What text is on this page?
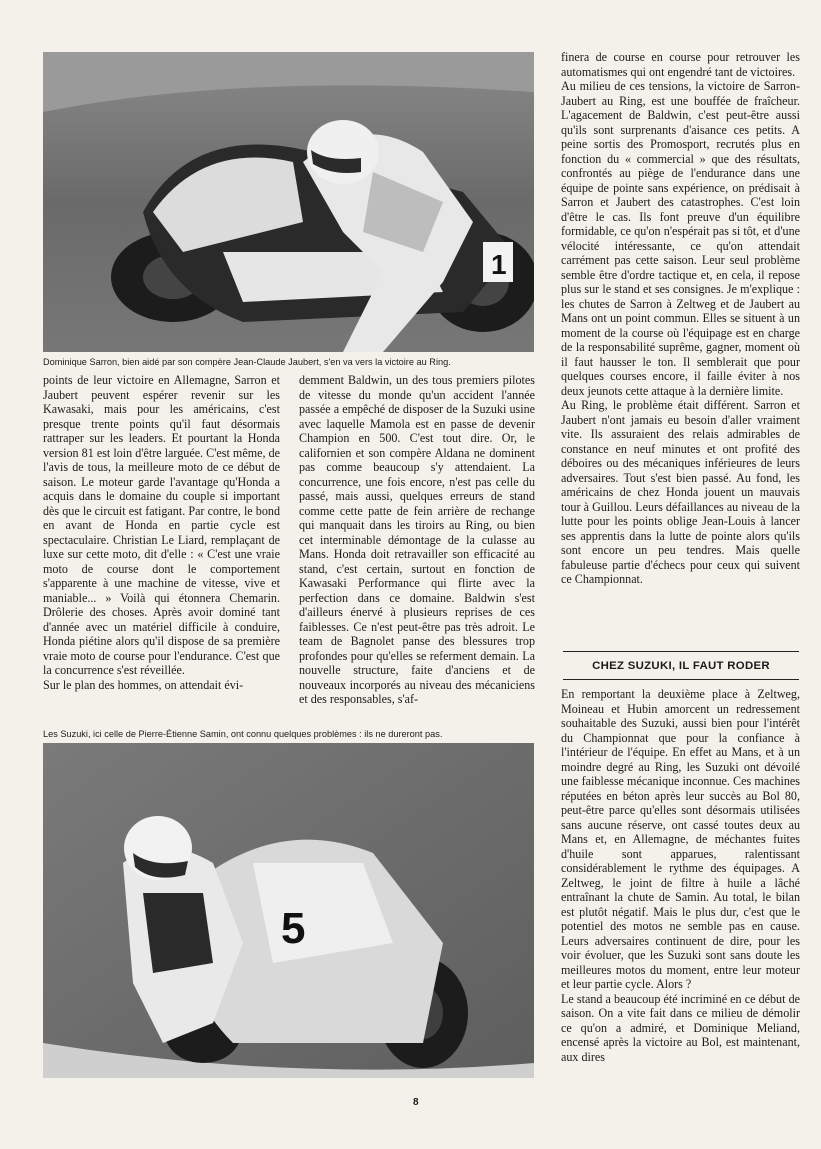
1
Dominique Sarron, bien aidé par son compère Jean-Claude Jaubert, s'en va vers la victoire au Ring.

points de leur victoire en Allemagne, Sarron et Jaubert peuvent espérer revenir sur les Kawasaki, mais pour les américains, c'est presque trente points qu'il faut désormais rattraper sur les leaders. Et pourtant la Honda version 81 est loin d'être larguée. C'est même, de l'avis de tous, la meilleure moto de ce début de saison. Le moteur garde l'avantage qu'Honda a acquis dans le domaine du couple si important dès que le circuit est fatigant. Par contre, le bond en avant de Honda en partie cycle est spectaculaire. Christian Le Liard, remplaçant de luxe sur cette moto, dit d'elle : « C'est une vraie moto de course dont le comportement s'apparente à une machine de vitesse, vive et maniable... » Voilà qui étonnera Chemarin. Drôlerie des choses. Après avoir dominé tant d'année avec un matériel difficile à conduire, Honda piétine alors qu'il dispose de sa première vraie moto de course pour l'endurance. C'est que la concurrence s'est réveillée.

Sur le plan des hommes, on attendait évi-

demment Baldwin, un des tous premiers pilotes de vitesse du monde qu'un accident l'année passée a empêché de disposer de la Suzuki usine avec laquelle Mamola est en passe de devenir Champion en 500. C'est tout dire. Or, le californien et son compère Aldana ne dominent pas comme beaucoup s'y attendaient. La concurrence, une fois encore, n'est pas celle du passé, mais aussi, quelques erreurs de stand comme cette patte de fein arrière de rechange qui manquait dans les tiroirs au Ring, ou bien cet interminable démontage de la culasse au Mans. Honda doit retravailler son efficacité au stand, c'est certain, surtout en fonction de Kawasaki Performance qui flirte avec la perfection dans ce domaine. Baldwin s'est d'ailleurs énervé à plusieurs reprises de ces faiblesses. Ce n'est peut-être pas très adroit. Le team de Bagnolet panse des blessures trop profondes pour qu'elles se referment demain. La nouvelle structure, faite d'anciens et de nouveaux incorporés au niveau des mécaniciens et des responsables, s'af-

Les Suzuki, ici celle de Pierre-Étienne Samin, ont connu quelques problèmes : ils ne dureront pas.
5

finera de course en course pour retrouver les automatismes qui ont engendré tant de victoires.

Au milieu de ces tensions, la victoire de Sarron-Jaubert au Ring, est une bouffée de fraîcheur. L'agacement de Baldwin, c'est peut-être aussi qu'ils sont surprenants d'aisance ces petits. A peine sortis des Promosport, recrutés plus en fonction du « commercial » que des résultats, confrontés au piège de l'endurance dans une équipe de pointe sans expérience, on prédisait à Sarron et Jaubert des catastrophes. C'est loin d'être le cas. Ils font preuve d'un équilibre formidable, ce qu'on n'espérait pas si tôt, et d'une vélocité intéressante, ce qu'on attendait carrément pas cette saison. Leur seul problème semble être d'ordre tactique et, en cela, il repose plus sur le stand et ses consignes. Je m'explique : les chutes de Sarron à Zeltweg et de Jaubert au Mans ont un point commun. Elles se situent à un moment de la course où l'équipage est en charge de la responsabilité suprême, gagner, moment où il faut hausser le ton. Il semblerait que pour quelques courses encore, il faille éviter à nos deux jeunots cette attaque à la dernière limite.

Au Ring, le problème était différent. Sarron et Jaubert n'ont jamais eu besoin d'aller vraiment vite. Ils assuraient des relais admirables de constance en neuf minutes et ont profité des déboires ou des mécaniques inférieures de leurs adversaires. Tout s'est bien passé. Au fond, les américains de chez Honda jouent un mauvais tour à Guillou. Leurs défaillances au niveau de la lutte pour les points oblige Jean-Louis à lancer ses apprentis dans la lutte de pointe alors qu'ils sont encore un peu tendres. Mais quelle fabuleuse partie d'échecs pour ceux qui suivent ce Championnat.

CHEZ SUZUKI, IL FAUT RODER

En remportant la deuxième place à Zeltweg, Moineau et Hubin amorcent un redressement souhaitable des Suzuki, aussi bien pour l'intérêt du Championnat que pour la confiance à l'intérieur de l'équipe. En effet au Mans, et à un moindre degré au Ring, les Suzuki ont dévoilé une faiblesse mécanique inconnue. Ces machines réputées en béton après leur succès au Bol 80, peut-être parce qu'elles sont désormais utilisées sans aucune réserve, ont cassé toutes deux au Mans et, en Allemagne, de méchantes fuites d'huile sont apparues, ralentissant considérablement le rythme des équipages. A Zeltweg, le joint de filtre à huile a lâché entraînant la chute de Samin. Au total, le bilan est plutôt négatif. Mais le plus dur, c'est que le potentiel des motos ne semble pas en cause. Leurs adversaires continuent de dire, pour les voir évoluer, que les Suzuki sont sans doute les meilleures motos du moment, entre leur moteur et leur partie cycle. Alors ?

Le stand a beaucoup été incriminé en ce début de saison. On a vite fait dans ce milieu de démolir ce qu'on a admiré, et Dominique Meliand, encensé après la victoire au Bol, est maintenant, aux dires

8
